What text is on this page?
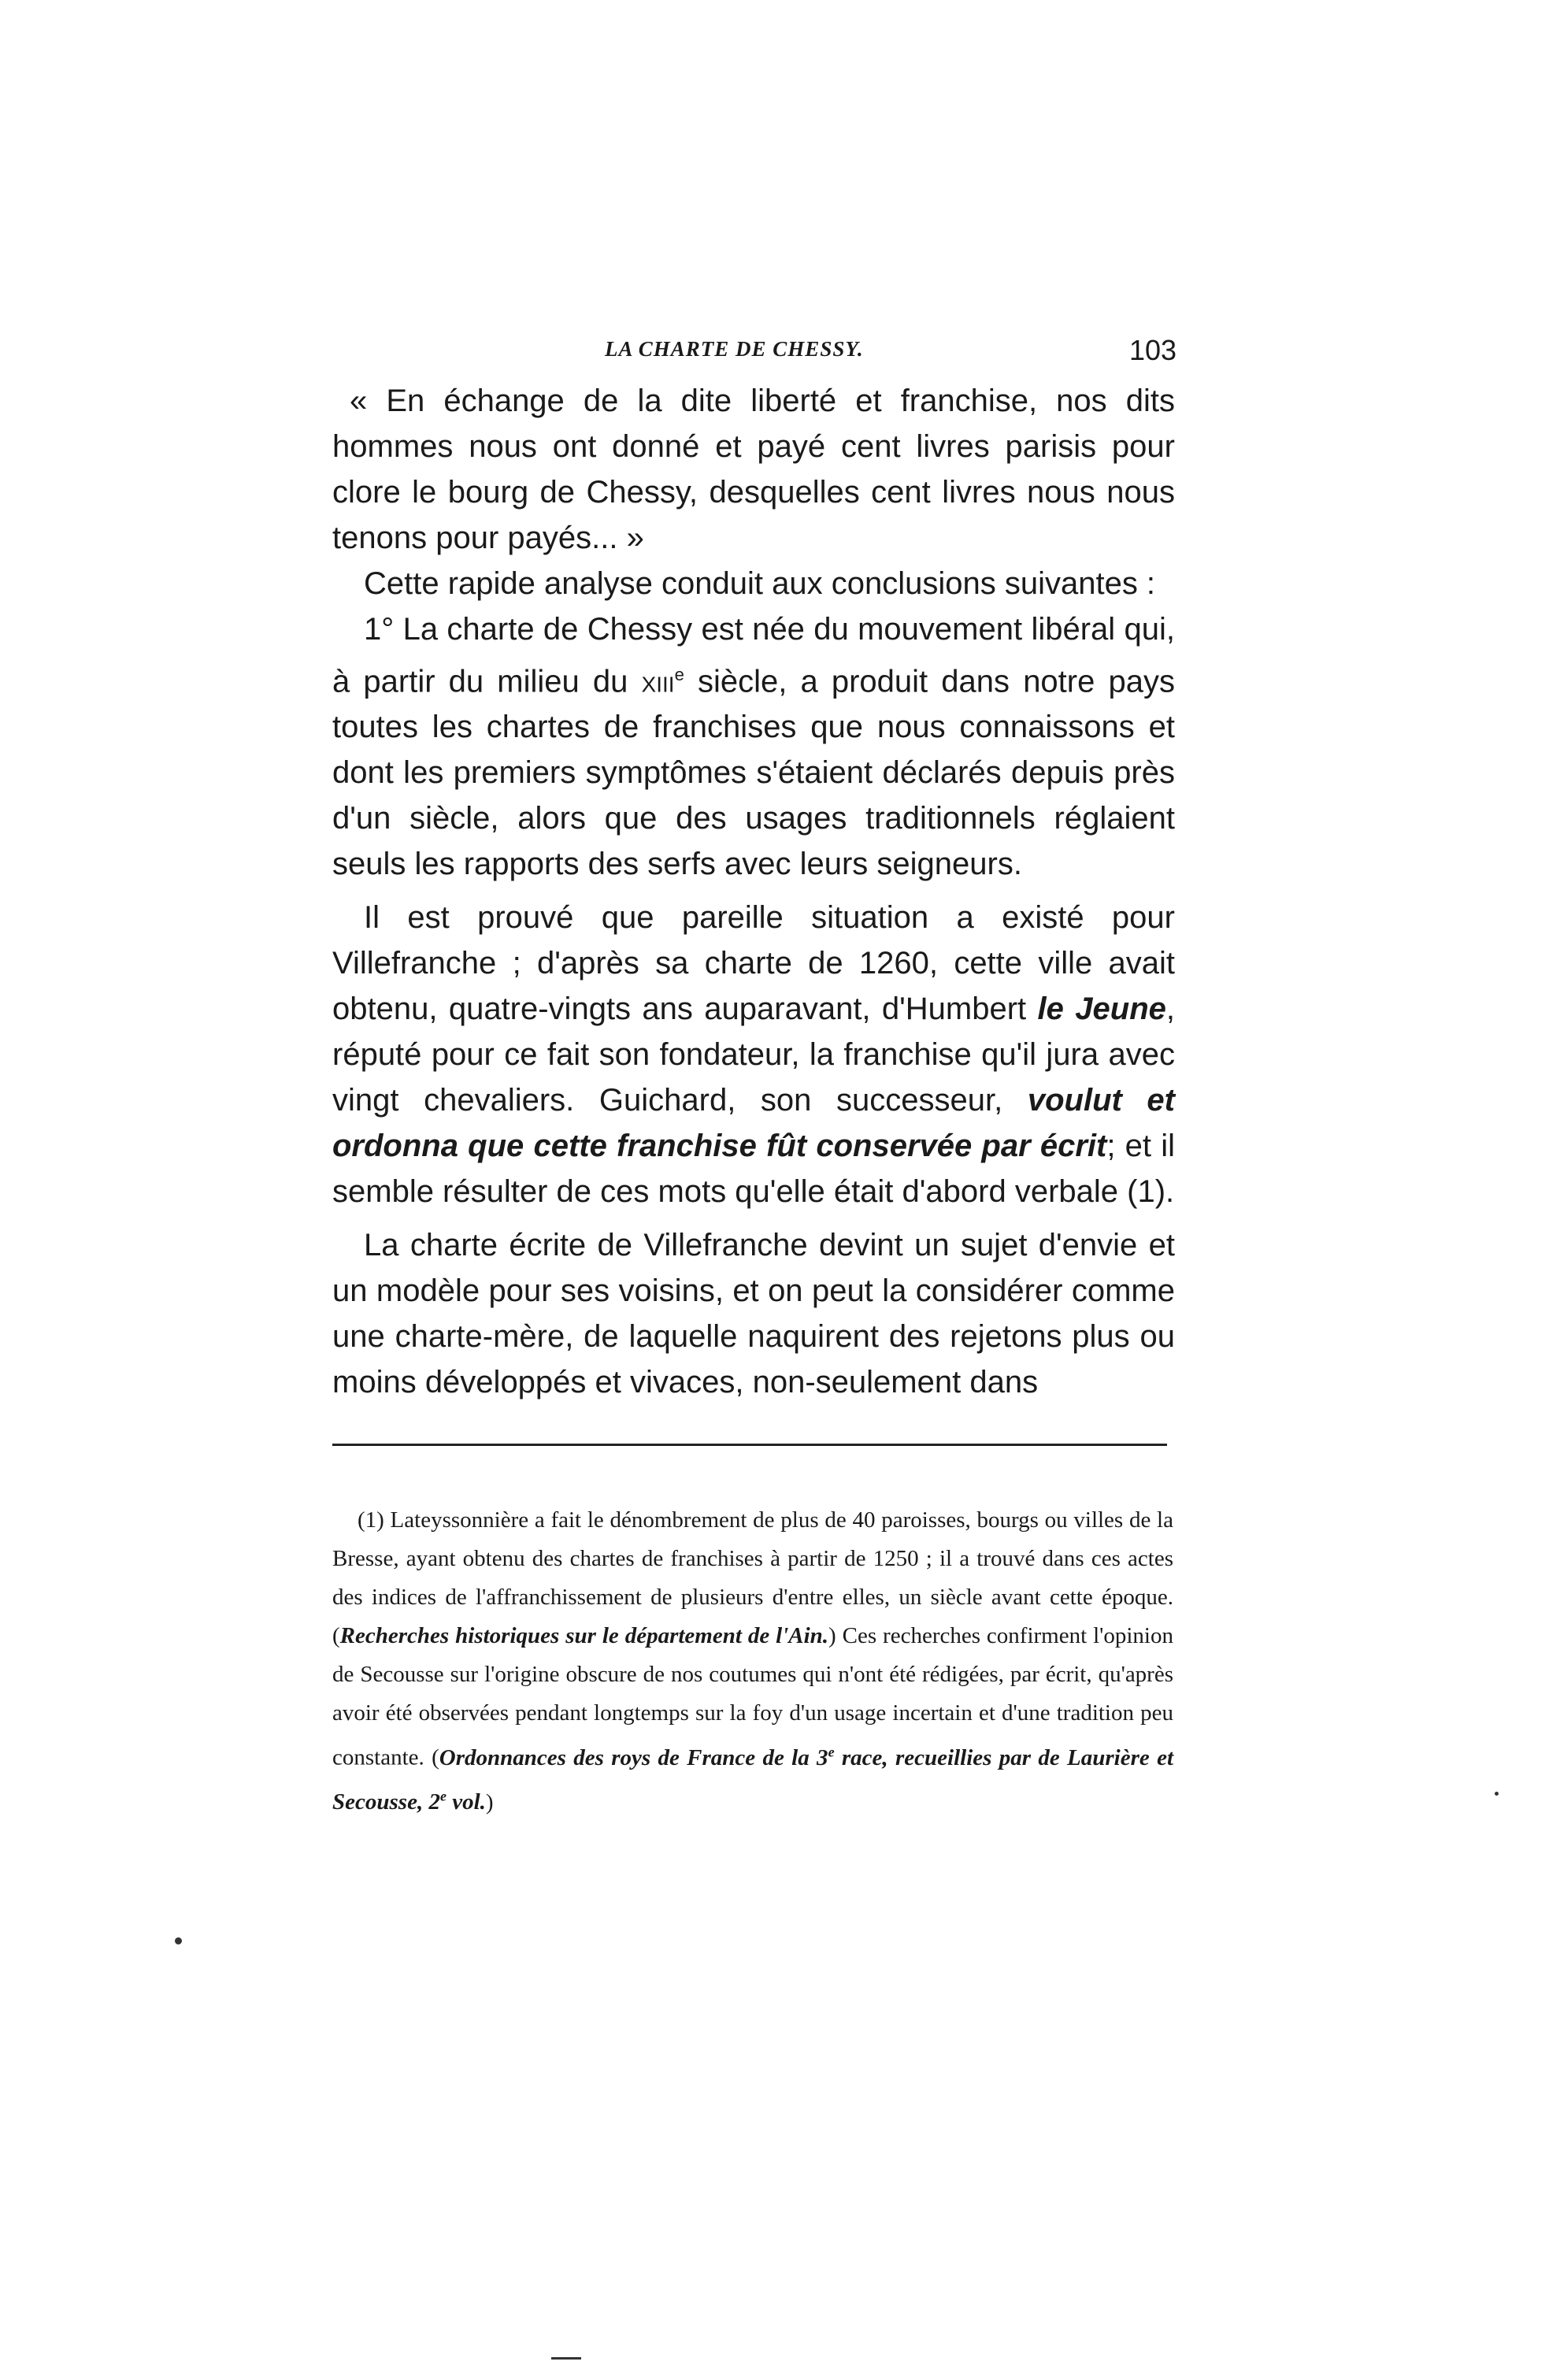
LA CHARTE DE CHESSY.	103

« En échange de la dite liberté et franchise, nos dits hommes nous ont donné et payé cent livres parisis pour clore le bourg de Chessy, desquelles cent livres nous nous tenons pour payés... »

Cette rapide analyse conduit aux conclusions suivantes :

1° La charte de Chessy est née du mouvement libéral qui, à partir du milieu du xiii$^e$ siècle, a produit dans notre pays toutes les chartes de franchises que nous connaissons et dont les premiers symptômes s'étaient déclarés depuis près d'un siècle, alors que des usages traditionnels réglaient seuls les rapports des serfs avec leurs seigneurs.

Il est prouvé que pareille situation a existé pour Villefranche ; d'après sa charte de 1260, cette ville avait obtenu, quatre-vingts ans auparavant, d'Humbert le Jeune, réputé pour ce fait son fondateur, la franchise qu'il jura avec vingt chevaliers. Guichard, son successeur, voulut et ordonna que cette franchise fût conservée par écrit; et il semble résulter de ces mots qu'elle était d'abord verbale (1).

La charte écrite de Villefranche devint un sujet d'envie et un modèle pour ses voisins, et on peut la considérer comme une charte-mère, de laquelle naquirent des rejetons plus ou moins développés et vivaces, non-seulement dans

(1) Lateyssonnière a fait le dénombrement de plus de 40 paroisses, bourgs ou villes de la Bresse, ayant obtenu des chartes de franchises à partir de 1250 ; il a trouvé dans ces actes des indices de l'affranchissement de plusieurs d'entre elles, un siècle avant cette époque. (Recherches historiques sur le département de l'Ain.) Ces recherches confirment l'opinion de Secousse sur l'origine obscure de nos coutumes qui n'ont été rédigées, par écrit, qu'après avoir été observées pendant longtemps sur la foy d'un usage incertain et d'une tradition peu constante. (Ordonnances des roys de France de la 3e race, recueillies par de Laurière et Secousse, 2e vol.)
